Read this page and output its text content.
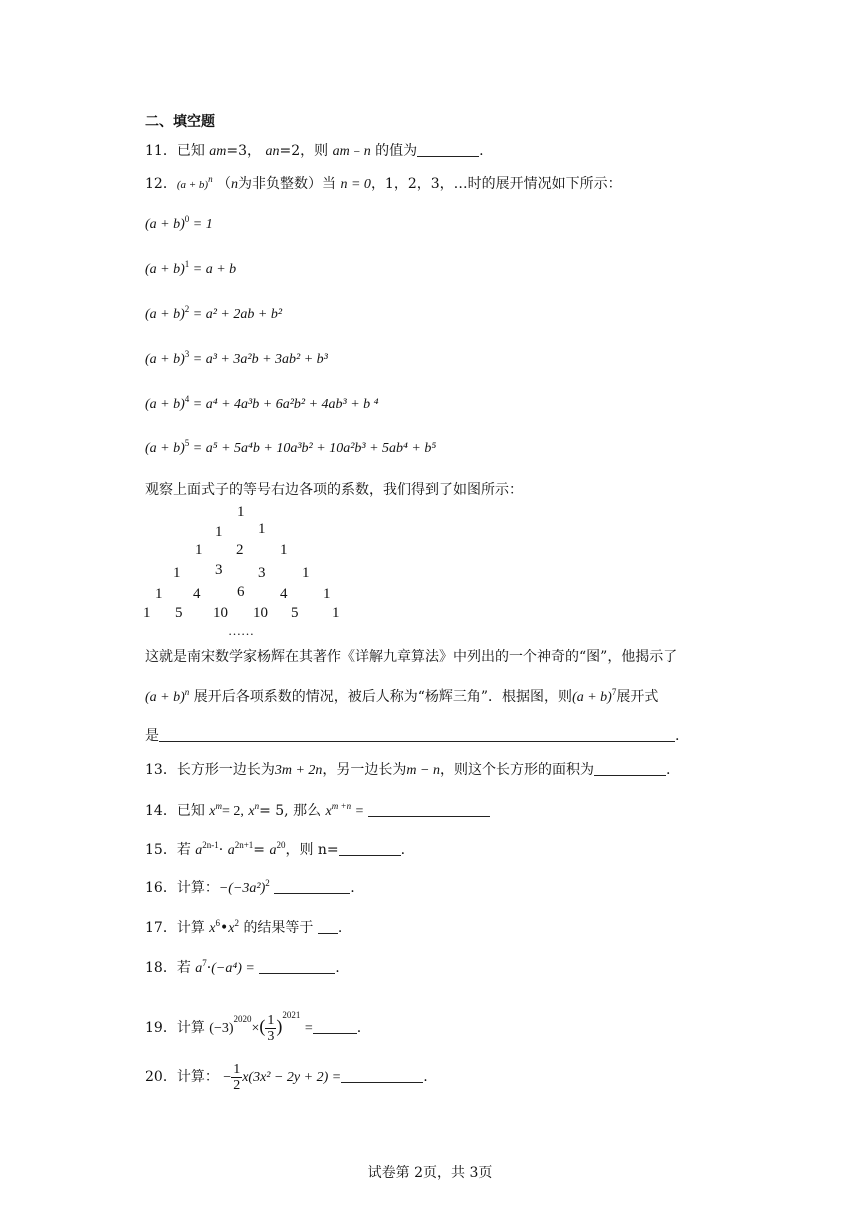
二、填空题
11．已知 am=3， an=2，则 am﹣n 的值为	.
12．$(a + b)^n$ （n为非负整数）当 n = 0，1，2，3，…时的展开情况如下所示：
$(a + b)^0 = 1$
$(a + b)^1 = a + b$
$(a + b)^2 = a^2 + 2ab + b^2$
$(a + b)^3 = a^3 + 3a^2b + 3ab^2 + b^3$
$(a + b)^4 = a^4 + 4a^3b + 6a^2b^2 + 4ab^3 + b$ ⁴
$(a + b)^5 = a^5 + 5a^4b + 10a^3b^2 + 10a^2b^3 + 5ab^4 + b^5$
观察上面式子的等号右边各项的系数，我们得到了如图所示：
1
1 1
1 2 1
1 3 3 1
1 4 6 4 1
1 5 10 10 5 1
……
这就是南宋数学家杨辉在其著作《详解九章算法》中列出的一个神奇的“图”，他揭示了
$(a + b)^n$ 展开后各项系数的情况，被后人称为“杨辉三角”．根据图，则$(a + b)^7$展开式
是	.
13．长方形一边长为3m + 2n，另一边长为m − n，则这个长方形的面积为	.
14．已知 $x^m= 2$, $x^n= 5$, 那么 $x^{m +n}$ =
15．若 $a^{2n-1}\cdot a^{2n+1}= a^{20}$，则 n=	.
16．计算：$-(-3a^2)^2$	.
17．计算 $x^6•x^2$ 的结果等于 .
18．若 $a^7\cdot(-a^4)$ =	.
19．计算 $(-3)^{2020}\times( \frac{1}{3} )^{2021}$ =	.
20．计算： − $\frac{1}{2} x(3x^2 - 2y + 2)$ =	.
试卷第 2页，共 3页
